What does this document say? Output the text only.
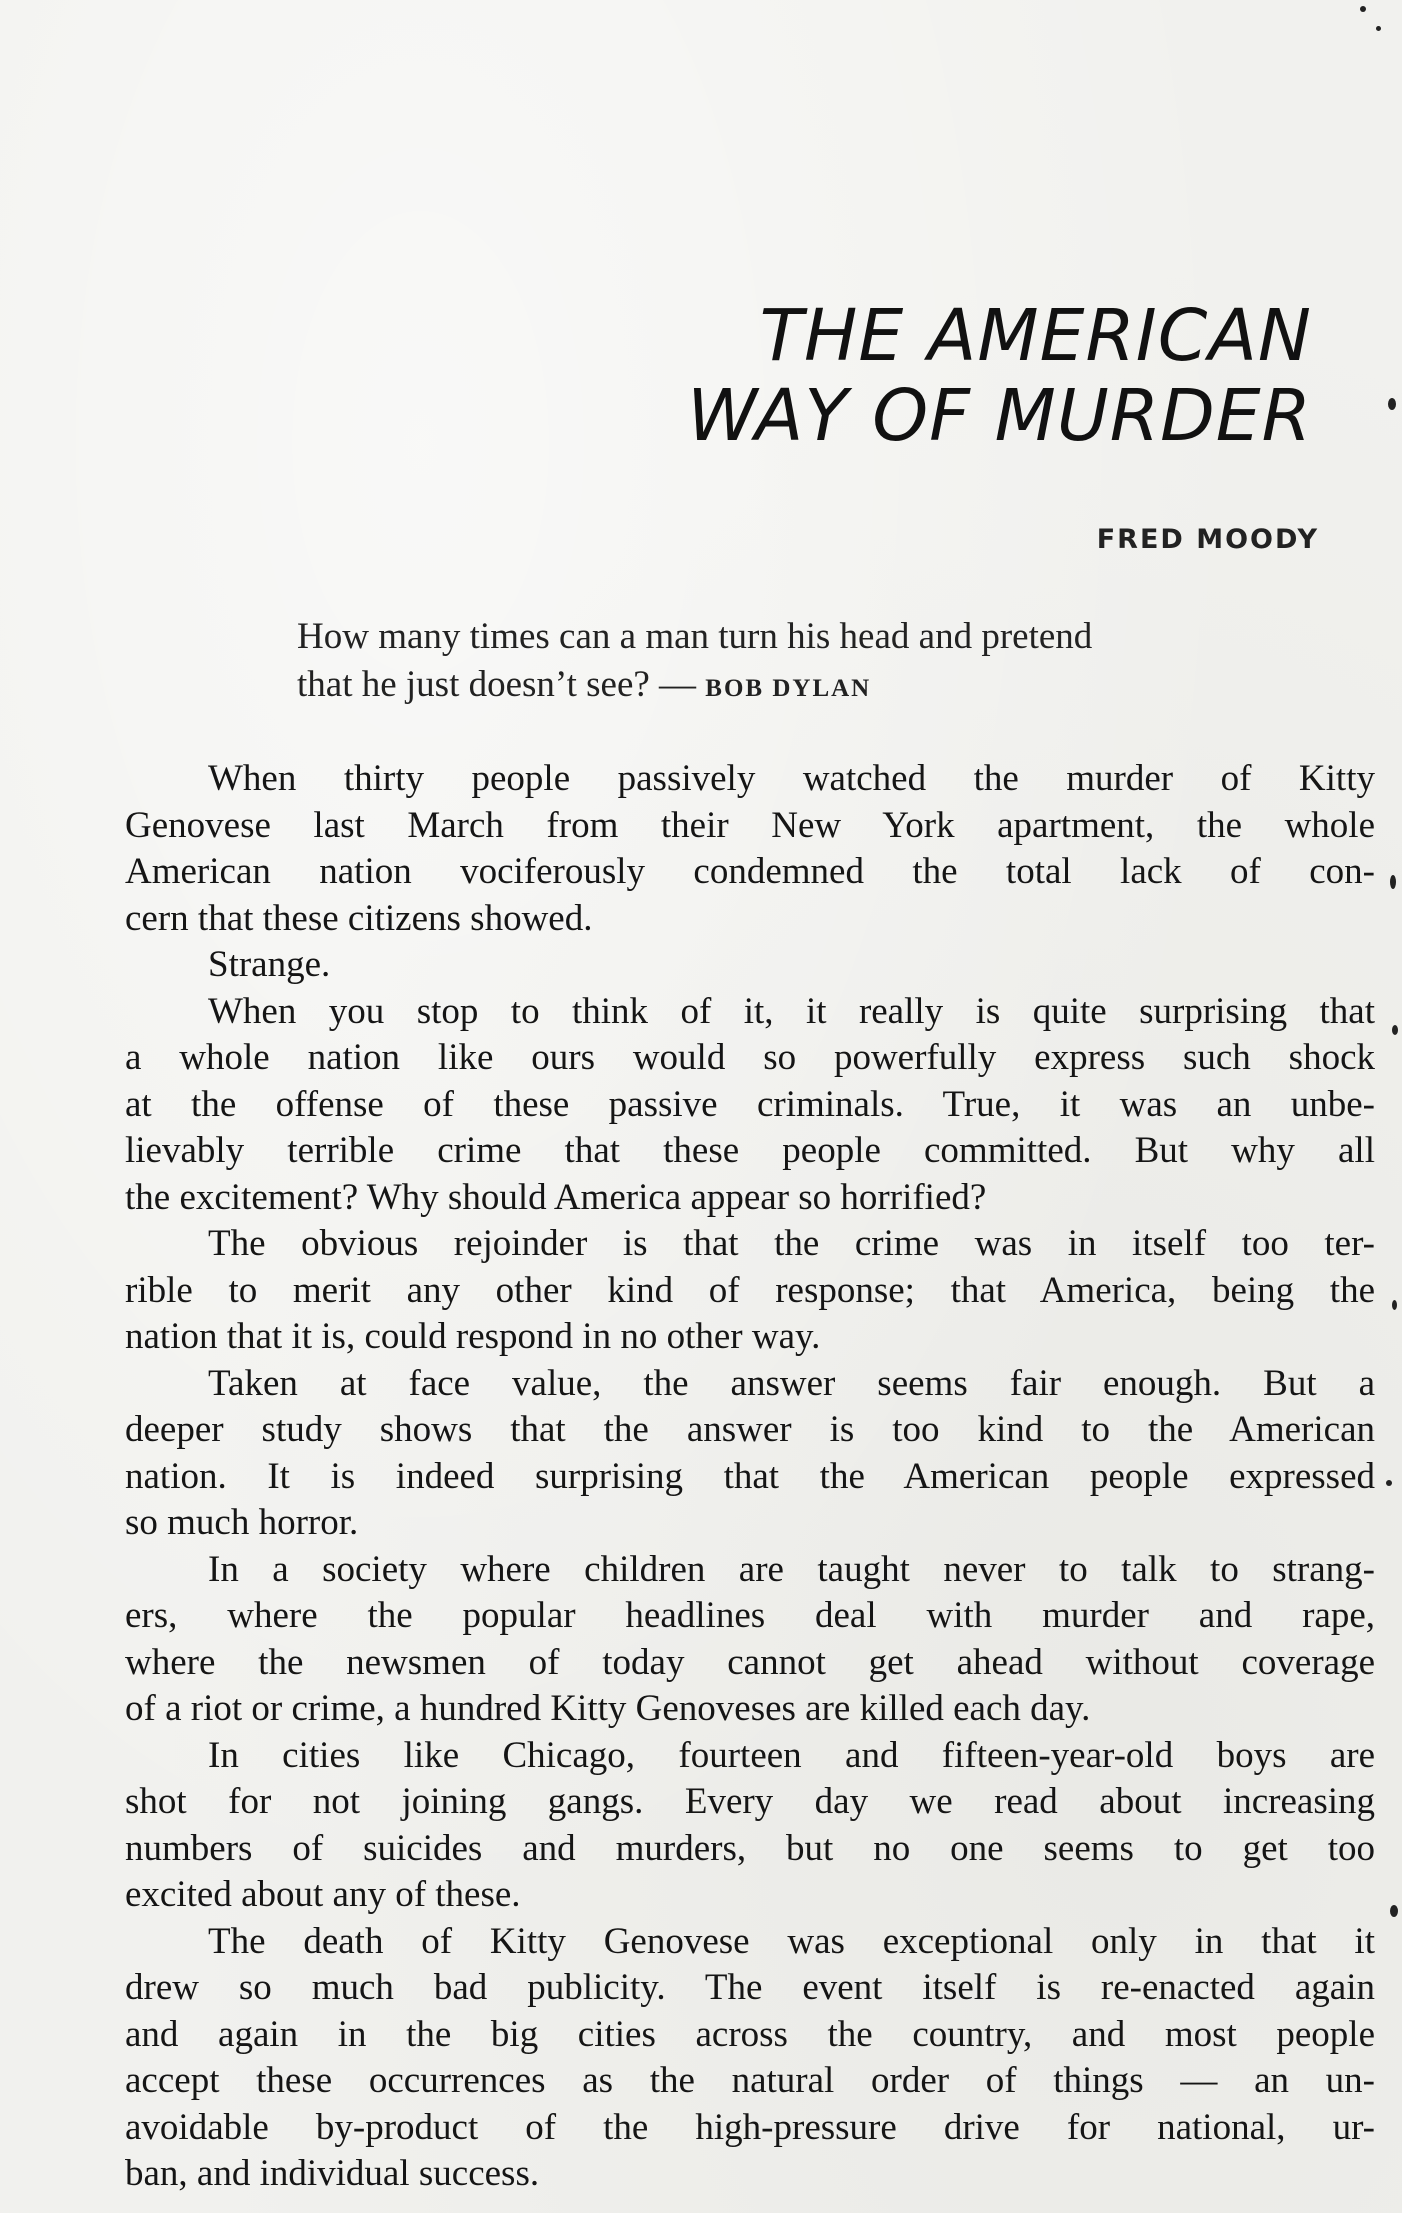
THE AMERICAN
WAY OF MURDER
FRED MOODY
How many times can a man turn his head and pretend
that he just doesn’t see? — BOB DYLAN

When thirty people passively watched the murder of Kitty
Genovese last March from their New York apartment, the whole
American nation vociferously condemned the total lack of con-
cern that these citizens showed.

Strange.

When you stop to think of it, it really is quite surprising that
a whole nation like ours would so powerfully express such shock
at the offense of these passive criminals. True, it was an unbe-
lievably terrible crime that these people committed. But why all
the excitement? Why should America appear so horrified?

The obvious rejoinder is that the crime was in itself too ter-
rible to merit any other kind of response; that America, being the
nation that it is, could respond in no other way.

Taken at face value, the answer seems fair enough. But a
deeper study shows that the answer is too kind to the American
nation. It is indeed surprising that the American people expressed
so much horror.

In a society where children are taught never to talk to strang-
ers, where the popular headlines deal with murder and rape,
where the newsmen of today cannot get ahead without coverage
of a riot or crime, a hundred Kitty Genoveses are killed each day.

In cities like Chicago, fourteen and fifteen-year-old boys are
shot for not joining gangs. Every day we read about increasing
numbers of suicides and murders, but no one seems to get too
excited about any of these.

The death of Kitty Genovese was exceptional only in that it
drew so much bad publicity. The event itself is re-enacted again
and again in the big cities across the country, and most people
accept these occurrences as the natural order of things — an un-
avoidable by-product of the high-pressure drive for national, ur-
ban, and individual success.
